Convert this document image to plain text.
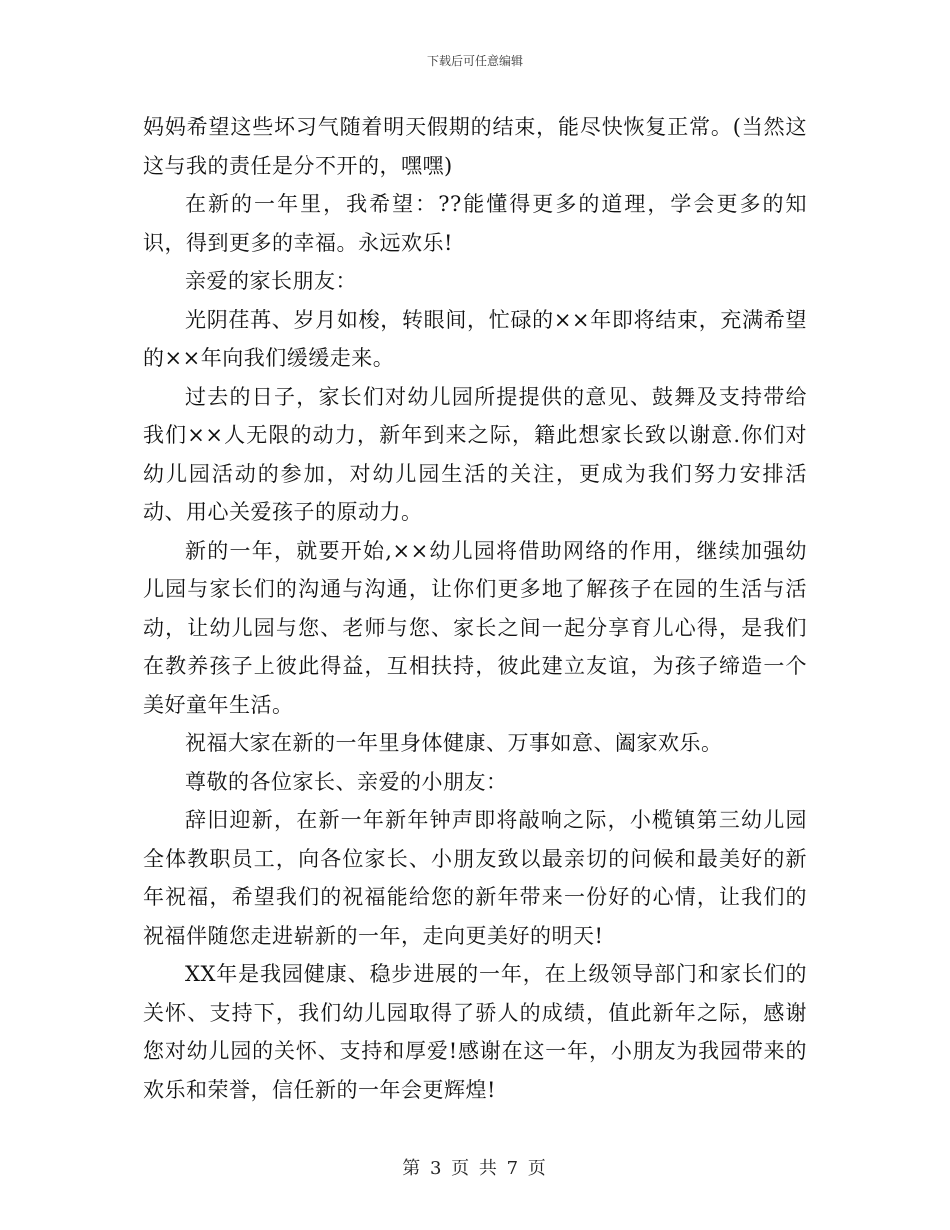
下载后可任意编辑

妈妈希望这些坏习气随着明天假期的结束，能尽快恢复正常。(当然这这与我的责任是分不开的，嘿嘿)

在新的一年里，我希望：??能懂得更多的道理，学会更多的知识，得到更多的幸福。永远欢乐!

亲爱的家长朋友：

光阴荏苒、岁月如梭，转眼间，忙碌的××年即将结束，充满希望的××年向我们缓缓走来。

过去的日子，家长们对幼儿园所提提供的意见、鼓舞及支持带给我们××人无限的动力，新年到来之际，籍此想家长致以谢意.你们对幼儿园活动的参加，对幼儿园生活的关注，更成为我们努力安排活动、用心关爱孩子的原动力。

新的一年，就要开始,××幼儿园将借助网络的作用，继续加强幼儿园与家长们的沟通与沟通，让你们更多地了解孩子在园的生活与活动，让幼儿园与您、老师与您、家长之间一起分享育儿心得，是我们在教养孩子上彼此得益，互相扶持，彼此建立友谊，为孩子缔造一个美好童年生活。

祝福大家在新的一年里身体健康、万事如意、阖家欢乐。

尊敬的各位家长、亲爱的小朋友：

辞旧迎新，在新一年新年钟声即将敲响之际，小榄镇第三幼儿园全体教职员工，向各位家长、小朋友致以最亲切的问候和最美好的新年祝福，希望我们的祝福能给您的新年带来一份好的心情，让我们的祝福伴随您走进崭新的一年，走向更美好的明天!

XX年是我园健康、稳步进展的一年，在上级领导部门和家长们的关怀、支持下，我们幼儿园取得了骄人的成绩，值此新年之际，感谢您对幼儿园的关怀、支持和厚爱!感谢在这一年，小朋友为我园带来的欢乐和荣誉，信任新的一年会更辉煌!

第 3 页 共 7 页
